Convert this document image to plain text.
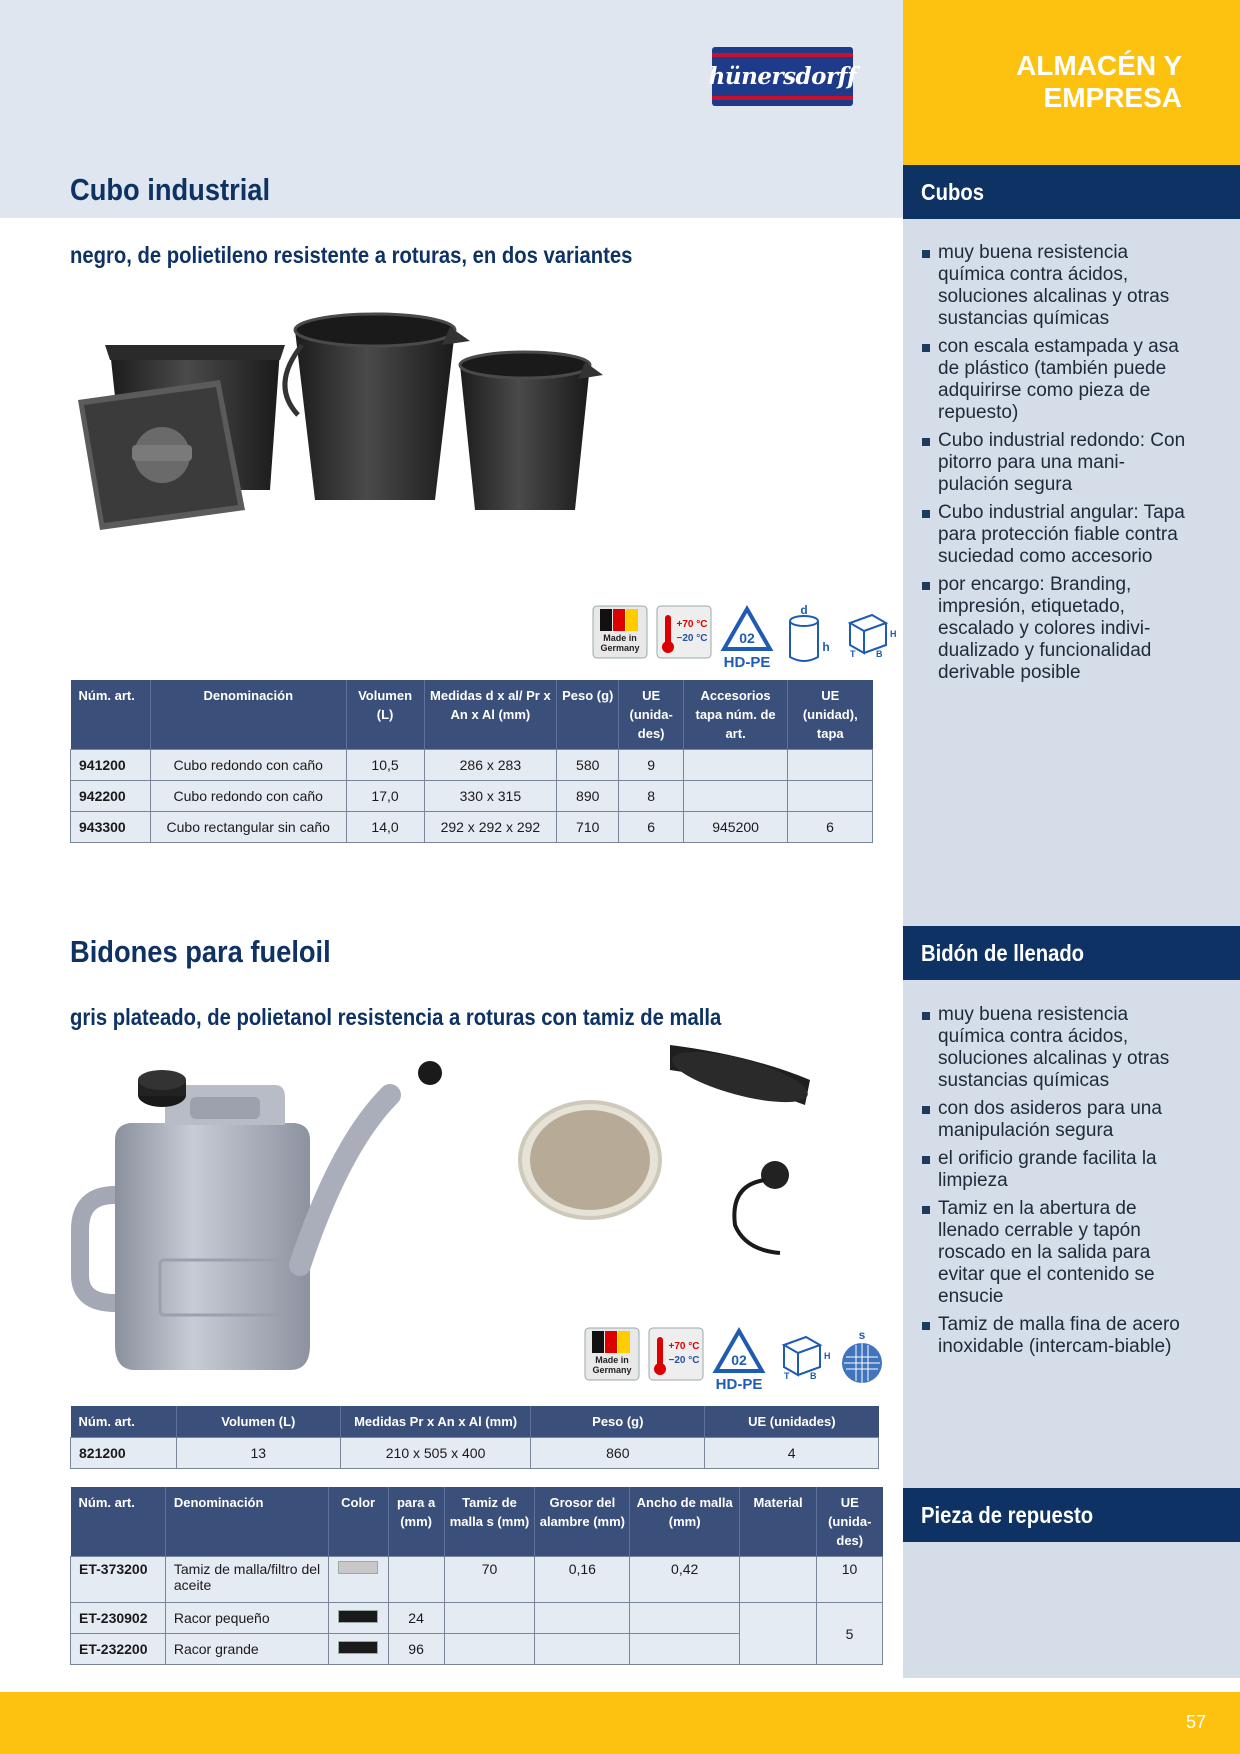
ALMACÉN Y EMPRESA
hünersdorff
Cubo industrial
negro, de polietileno resistente a roturas, en dos variantes
Made in
Germany
+70 °C
−20 °C 02
HD-PE
d
h
H
T B
Núm. art.	Denominación	Volumen (L)	Medidas d x al/ Pr x An x Al (mm)	Peso (g)	UE (unida-des)	Accesorios tapa núm. de art.	UE (unidad), tapa
941200	Cubo redondo con caño	10,5	286 x 283	580	9		
942200	Cubo redondo con caño	17,0	330 x 315	890	8		
943300	Cubo rectangular sin caño	14,0	292 x 292 x 292	710	6	945200	6
Cubos
muy buena resistencia química contra ácidos, soluciones alcalinas y otras sustancias químicas
con escala estampada y asa de plástico (también puede adquirirse como pieza de repuesto)
Cubo industrial redondo: Con pitorro para una mani-pulación segura
Cubo industrial angular: Tapa para protección fiable contra suciedad como accesorio
por encargo: Branding, impresión, etiquetado, escalado y colores indivi-dualizado y funcionalidad derivable posible
Bidones para fueloil
gris plateado, de polietanol resistencia a roturas con tamiz de malla
Made in
Germany
+70 °C
−20 °C 02
HD-PE
H
T B
s
Núm. art.	Volumen (L)	Medidas Pr x An x Al (mm)	Peso (g)	UE (unidades)
821200	13	210 x 505 x 400	860	4
Núm. art.	Denominación	Color	para a (mm)	Tamiz de malla s (mm)	Grosor del alambre (mm)	Ancho de malla (mm)	Material	UE (unida-des)
ET-373200	Tamiz de malla/filtro del aceite			70	0,16	0,42		10
ET-230902	Racor pequeño		24					5
ET-232200	Racor grande		96					
Bidón de llenado
muy buena resistencia química contra ácidos, soluciones alcalinas y otras sustancias químicas
con dos asideros para una manipulación segura
el orificio grande facilita la limpieza
Tamiz en la abertura de llenado cerrable y tapón roscado en la salida para evitar que el contenido se ensucie
Tamiz de malla fina de acero inoxidable (intercam-biable)
Pieza de repuesto
57
